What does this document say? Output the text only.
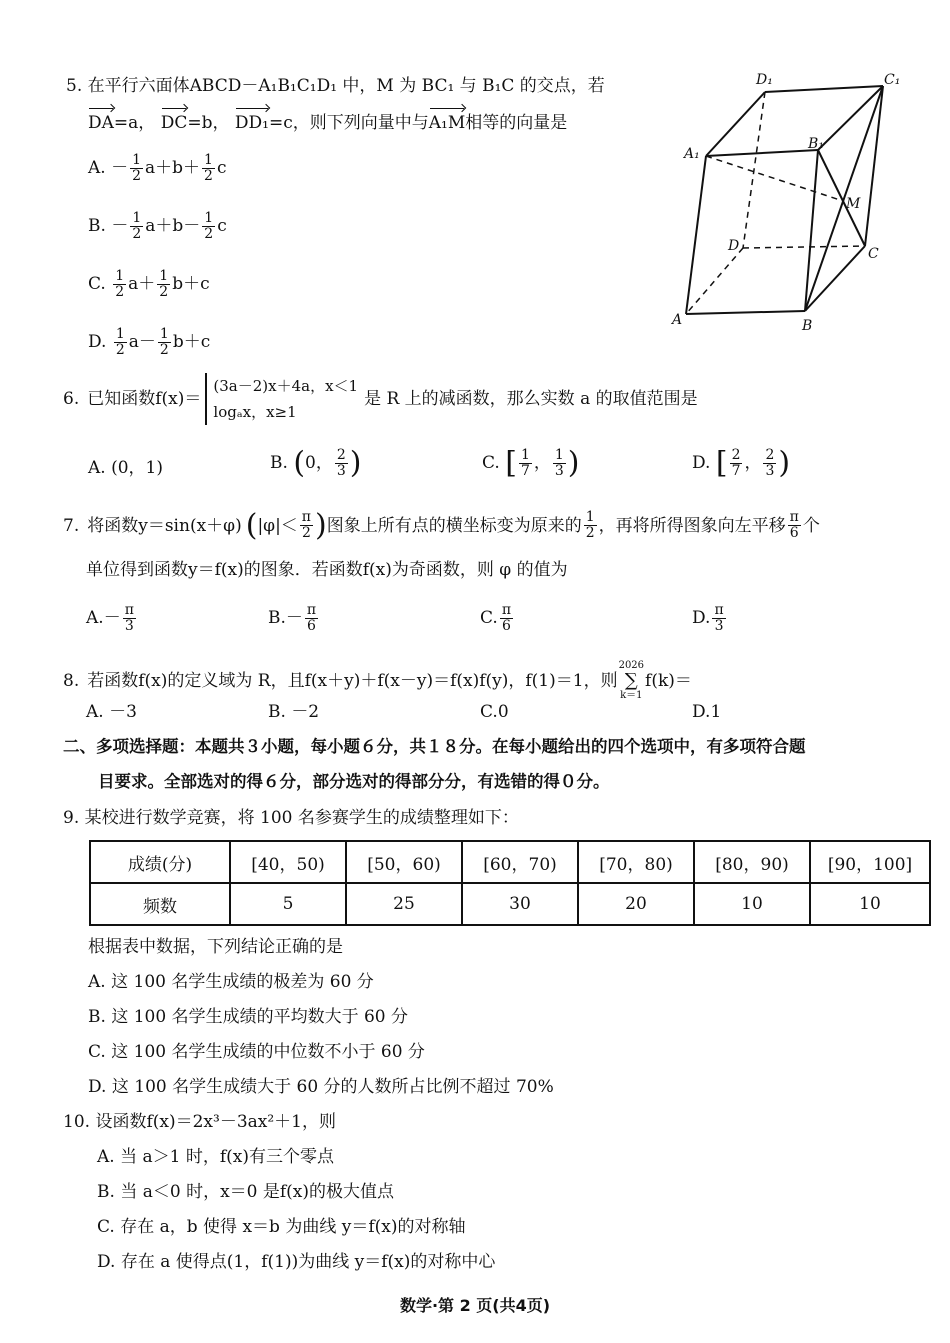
5. 在平行六面体ABCD－A₁B₁C₁D₁ 中，M 为 BC₁ 与 B₁C 的交点，若
DA=a， DC=b， DD₁=c，则下列向量中与A₁M相等的向量是
A. － $\frac{1}{2} a+b+ \frac{1}{2}$ c
B. － $\frac{1}{2} a+b- \frac{1}{2}$ c
C. $\frac{1}{2} a+ \frac{1}{2} b+c$
D. $\frac{1}{2} a- \frac{1}{2} b+c$
D₁	C₁
A₁
B₁
M
D	C
A	B
6. 已知函数f(x)＝
(3a－2)x＋4a，x＜1
logₐx，x≥1
是 R 上的减函数，那么实数 a 的取值范围是
A. (0，1)	B. (0， $\frac{2}{3}$ )	C. [ $\frac{1}{7}$ ， $\frac{1}{3}$ )	D. [ $\frac{2}{7}$ ， $\frac{2}{3}$ )
7. 将函数y＝sin(x＋φ) ( $|\varphi|< \frac{\pi}{2}$ ) 图象上所有点的横坐标变为原来的 $\frac{1}{2}$ ，再将所得图象向左平移 $\frac{\pi}{6}$ 个
单位得到函数y＝f(x)的图象．若函数f(x)为奇函数，则 φ 的值为
$A.- \frac{\pi}{3}$	$B.- \frac{\pi}{6}$	C. $\frac{\pi}{6}$	D. $\frac{\pi}{3}$
8. 若函数f(x)的定义域为 R，且f(x＋y)＋f(x－y)＝f(x)f(y)，f(1)＝1，则
2026
∑
k＝1
f(k)＝
A. －3	B. －2	C.0	D.1
二、多项选择题：本题共３小题，每小题６分，共１８分。在每小题给出的四个选项中，有多项符合题
目要求。全部选对的得６分，部分选对的得部分分，有选错的得０分。
9. 某校进行数学竞赛，将 100 名参赛学生的成绩整理如下：
成绩(分)	[40，50)	[50，60)	[60，70)	[70，80)	[80，90)	[90，100]
频数	5	25	30	20	10	10
根据表中数据，下列结论正确的是
A. 这 100 名学生成绩的极差为 60 分
B. 这 100 名学生成绩的平均数大于 60 分
C. 这 100 名学生成绩的中位数不小于 60 分
D. 这 100 名学生成绩大于 60 分的人数所占比例不超过 70%
10. 设函数f(x)＝2x³－3ax²＋1，则
A. 当 a＞1 时，f(x)有三个零点
B. 当 a＜0 时，x＝0 是f(x)的极大值点
C. 存在 a，b 使得 x＝b 为曲线 y＝f(x)的对称轴
D. 存在 a 使得点(1，f(1))为曲线 y＝f(x)的对称中心
数学·第 2 页(共4页)
